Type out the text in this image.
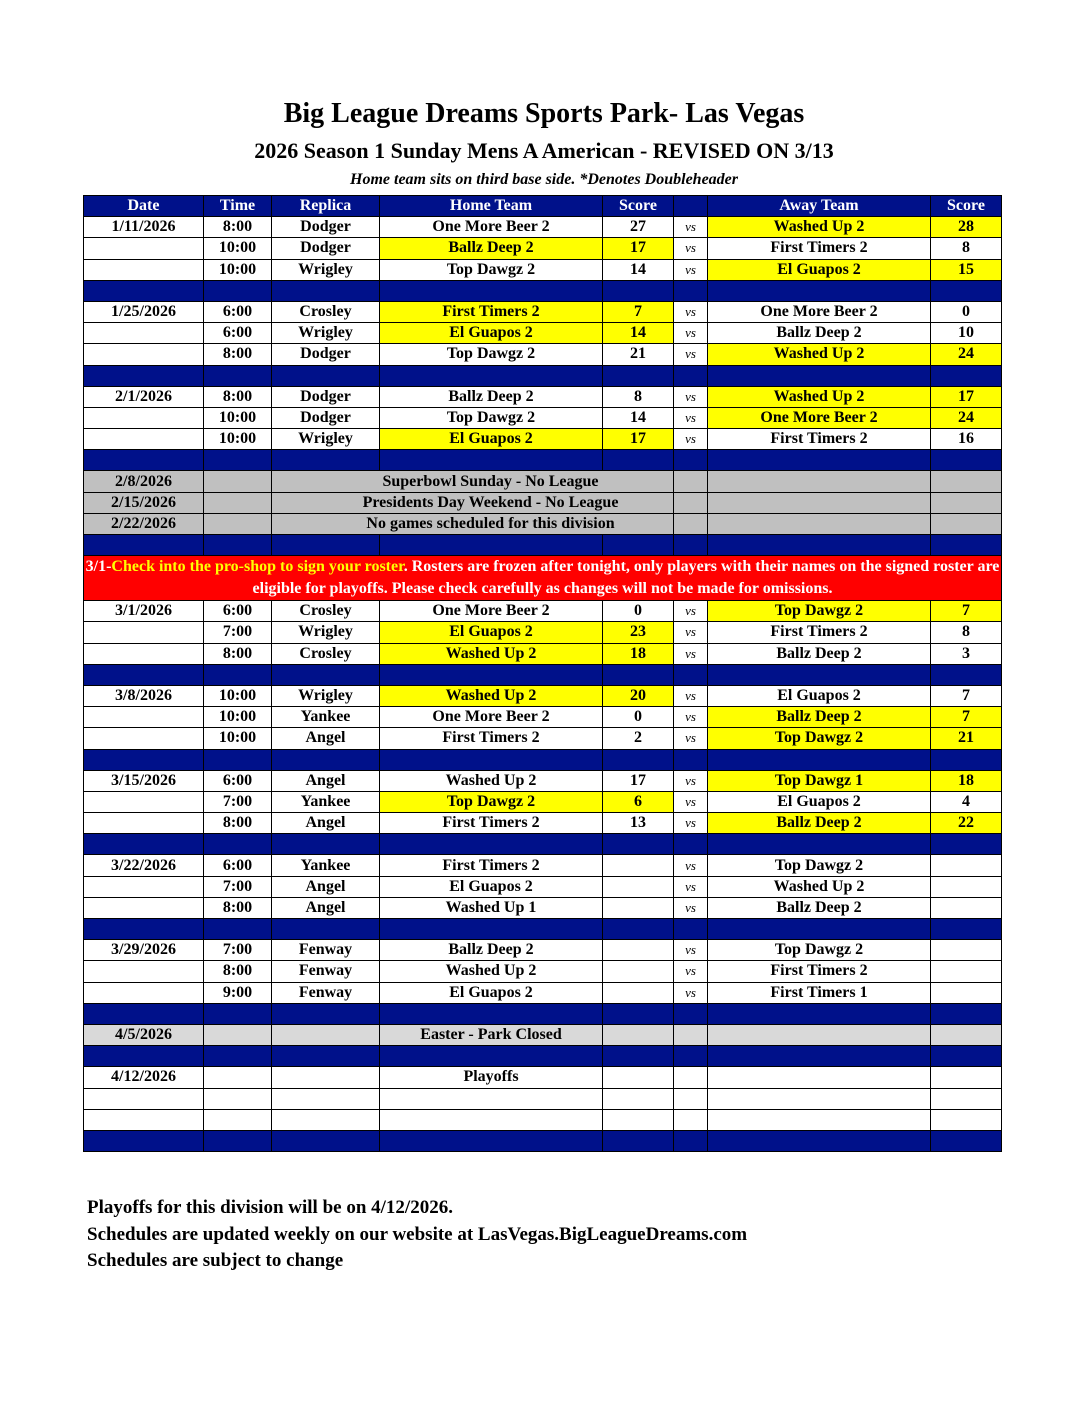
Big League Dreams Sports Park- Las Vegas
2026 Season 1 Sunday Mens A American - REVISED ON 3/13
Home team sits on third base side. *Denotes Doubleheader
Date	Time	Replica	Home Team	Score		Away Team	Score
1/11/2026	8:00	Dodger	One More Beer 2	27	vs	Washed Up 2	28
	10:00	Dodger	Ballz Deep 2	17	vs	First Timers 2	8
	10:00	Wrigley	Top Dawgz 2	14	vs	El Guapos 2	15

1/25/2026	6:00	Crosley	First Timers 2	7	vs	One More Beer 2	0
	6:00	Wrigley	El Guapos 2	14	vs	Ballz Deep 2	10
	8:00	Dodger	Top Dawgz 2	21	vs	Washed Up 2	24

2/1/2026	8:00	Dodger	Ballz Deep 2	8	vs	Washed Up 2	17
	10:00	Dodger	Top Dawgz 2	14	vs	One More Beer 2	24
	10:00	Wrigley	El Guapos 2	17	vs	First Timers 2	16

2/8/2026		Superbowl Sunday - No League					
2/15/2026		Presidents Day Weekend - No League					
2/22/2026		No games scheduled for this division					

3/1-Check into the pro-shop to sign your roster. Rosters are frozen after tonight, only players with their names on the signed roster are eligible for playoffs. Please check carefully as changes will not be made for omissions.							
3/1/2026	6:00	Crosley	One More Beer 2	0	vs	Top Dawgz 2	7
	7:00	Wrigley	El Guapos 2	23	vs	First Timers 2	8
	8:00	Crosley	Washed Up 2	18	vs	Ballz Deep 2	3

3/8/2026	10:00	Wrigley	Washed Up 2	20	vs	El Guapos 2	7
	10:00	Yankee	One More Beer 2	0	vs	Ballz Deep 2	7
	10:00	Angel	First Timers 2	2	vs	Top Dawgz 2	21

3/15/2026	6:00	Angel	Washed Up 2	17	vs	Top Dawgz 1	18
	7:00	Yankee	Top Dawgz 2	6	vs	El Guapos 2	4
	8:00	Angel	First Timers 2	13	vs	Ballz Deep 2	22

3/22/2026	6:00	Yankee	First Timers 2		vs	Top Dawgz 2	
	7:00	Angel	El Guapos 2		vs	Washed Up 2	
	8:00	Angel	Washed Up 1		vs	Ballz Deep 2	

3/29/2026	7:00	Fenway	Ballz Deep 2		vs	Top Dawgz 2	
	8:00	Fenway	Washed Up 2		vs	First Timers 2	
	9:00	Fenway	El Guapos 2		vs	First Timers 1	

4/5/2026			Easter - Park Closed				

4/12/2026			Playoffs				

Playoffs for this division will be on 4/12/2026.
Schedules are updated weekly on our website at LasVegas.BigLeagueDreams.com
Schedules are subject to change
